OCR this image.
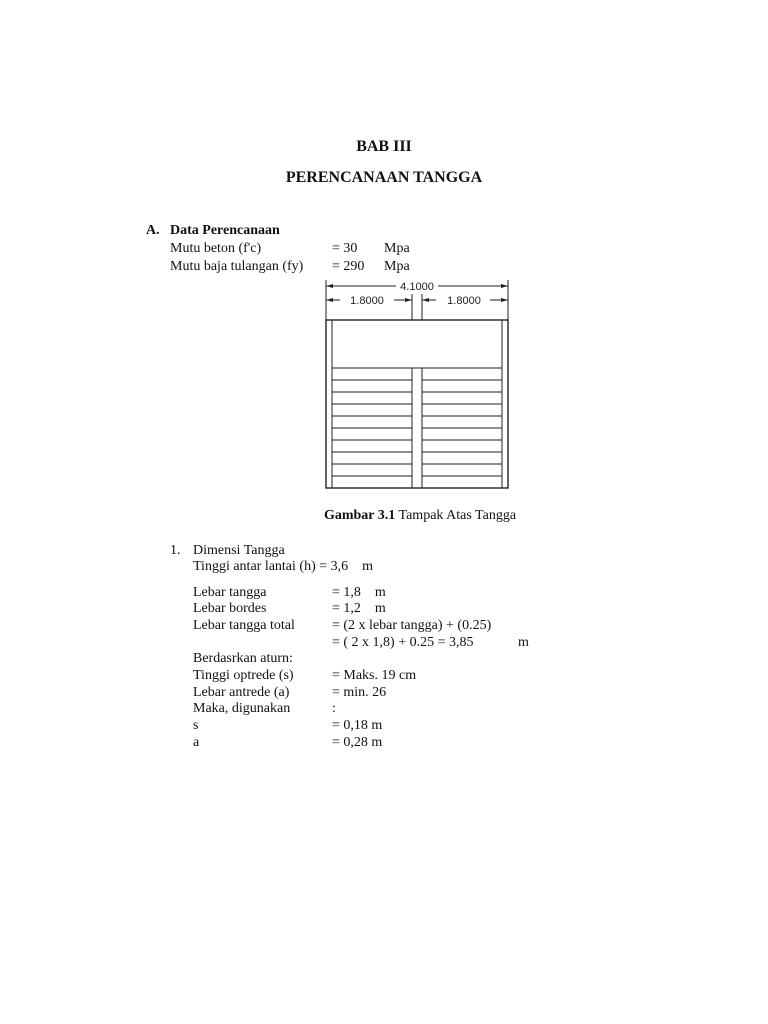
BAB III
PERENCANAAN TANGGA
A. Data Perencanaan
Mutu beton (f'c)	= 30 Mpa
Mutu baja tulangan (fy) = 290 Mpa
4.1000
1.8000	1.8000
Gambar 3.1 Tampak Atas Tangga
1. Dimensi Tangga
Tinggi antar lantai (h) = 3,6    m
Lebar tangga	= 1,8    m
Lebar bordes	= 1,2    m
Lebar tangga total	= (2 x lebar tangga) + (0.25)
= ( 2 x 1,8) + 0.25 = 3,85	m
Berdasrkan aturn:
Tinggi optrede (s)	= Maks. 19 cm
Lebar antrede (a)	= min. 26
Maka, digunakan	:
s	= 0,18 m
a	= 0,28 m
